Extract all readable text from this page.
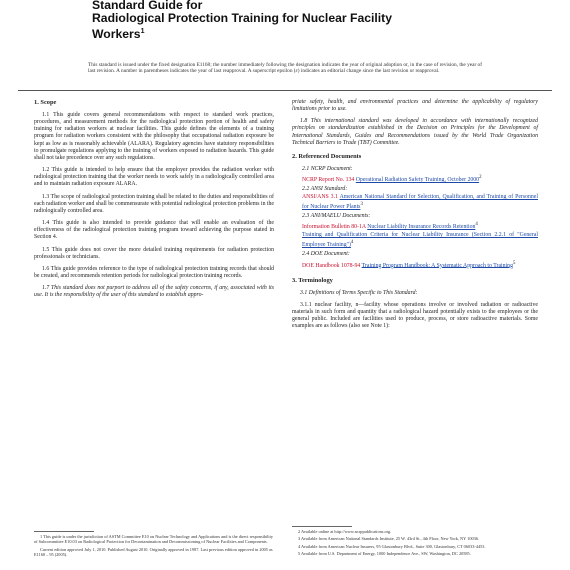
Standard Guide for
Radiological Protection Training for Nuclear Facility
Workers$^1$
This standard is issued under the fixed designation E1168; the number immediately following the designation indicates the year of original adoption or, in the case of revision, the year of last revision. A number in parentheses indicates the year of last reapproval. A superscript epsilon (ε) indicates an editorial change since the last revision or reapproval.
1. Scope

1.1 This guide covers general recommendations with respect to standard work practices, procedures, and measurement methods for the radiological protection portion of health and safety training for radiation workers at nuclear facilities. This guide defines the elements of a training program for radiation workers consistent with the philosophy that occupational radiation exposure be kept as low as is reasonably achievable (ALARA). Regulatory agencies have statutory responsibilities to promulgate regulations applying to the training of workers exposed to radiation hazards. This guide shall not take precedence over any such regulations.

1.2 This guide is intended to help ensure that the employer provides the radiation worker with radiological protection training that the worker needs to work safely in a radiologically controlled area and to maintain radiation exposure ALARA.

1.3 The scope of radiological protection training shall be related to the duties and responsibilities of each radiation worker and shall be commensurate with potential radiological protection problems in the radiologically controlled area.

1.4 This guide is also intended to provide guidance that will enable an evaluation of the effectiveness of the radiological protection training program toward achieving the purpose stated in Section 4.

1.5 This guide does not cover the more detailed training requirements for radiation protection professionals or technicians.

1.6 This guide provides reference to the type of radiological protection training records that should be created, and recommends retention periods for radiological protection training records.

1.7 This standard does not purport to address all of the safety concerns, if any, associated with its use. It is the responsibility of the user of this standard to establish appro-

1 This guide is under the jurisdiction of ASTM Committee E10 on Nuclear Technology and Applications and is the direct responsibility of Subcommittee E10.03 on Radiological Protection for Decontamination and Decommissioning of Nuclear Facilities and Components.

Current edition approved July 1, 2010. Published August 2010. Originally approved in 1987. Last previous edition approved in 2005 as E1168 – 95 (2005).

priate safety, health, and environmental practices and determine the applicability of regulatory limitations prior to use.

1.8 This international standard was developed in accordance with internationally recognized principles on standardization established in the Decision on Principles for the Development of International Standards, Guides and Recommendations issued by the World Trade Organization Technical Barriers to Trade (TBT) Committee.

2. Referenced Documents
2.1 NCRP Document:
NCRP Report No. 134 Operational Radiation Safety Training, October 2000$^2$
2.2 ANSI Standard:
ANSI/ANS 3.1 American National Standard for Selection, Qualification, and Training of Personnel for Nuclear Power Plants$^3$
2.3 ANI/MAELU Documents:
Information Bulletin 80-1A Nuclear Liability Insurance Records Retention$^4$
Training and Qualification Criteria for Nuclear Liability Insurance (Section 2.2.1 of "General Employee Training")$^4$
2.4 DOE Document:
DOE Handbook 1078-94 Training Program Handbook: A Systematic Approach to Training$^5$
3. Terminology

3.1 Definitions of Terms Specific to This Standard:

3.1.1 nuclear facility, n—facility whose operations involve or involved radiation or radioactive materials in such form and quantity that a radiological hazard potentially exists to the employees or the general public. Included are facilities used to produce, process, or store radioactive materials. Some examples are as follows (also see Note 1):

2 Available online at http://www.ncrppublications.org.

3 Available from American National Standards Institute, 25 W. 43rd St., 4th Floor, New York, NY 10036.

4 Available from American Nuclear Insurers, 95 Glastonbury Blvd., Suite 300, Glastonbury, CT 06033-4453.

5 Available from U.S. Department of Energy, 1000 Independence Ave., SW, Washington, DC 20585.
